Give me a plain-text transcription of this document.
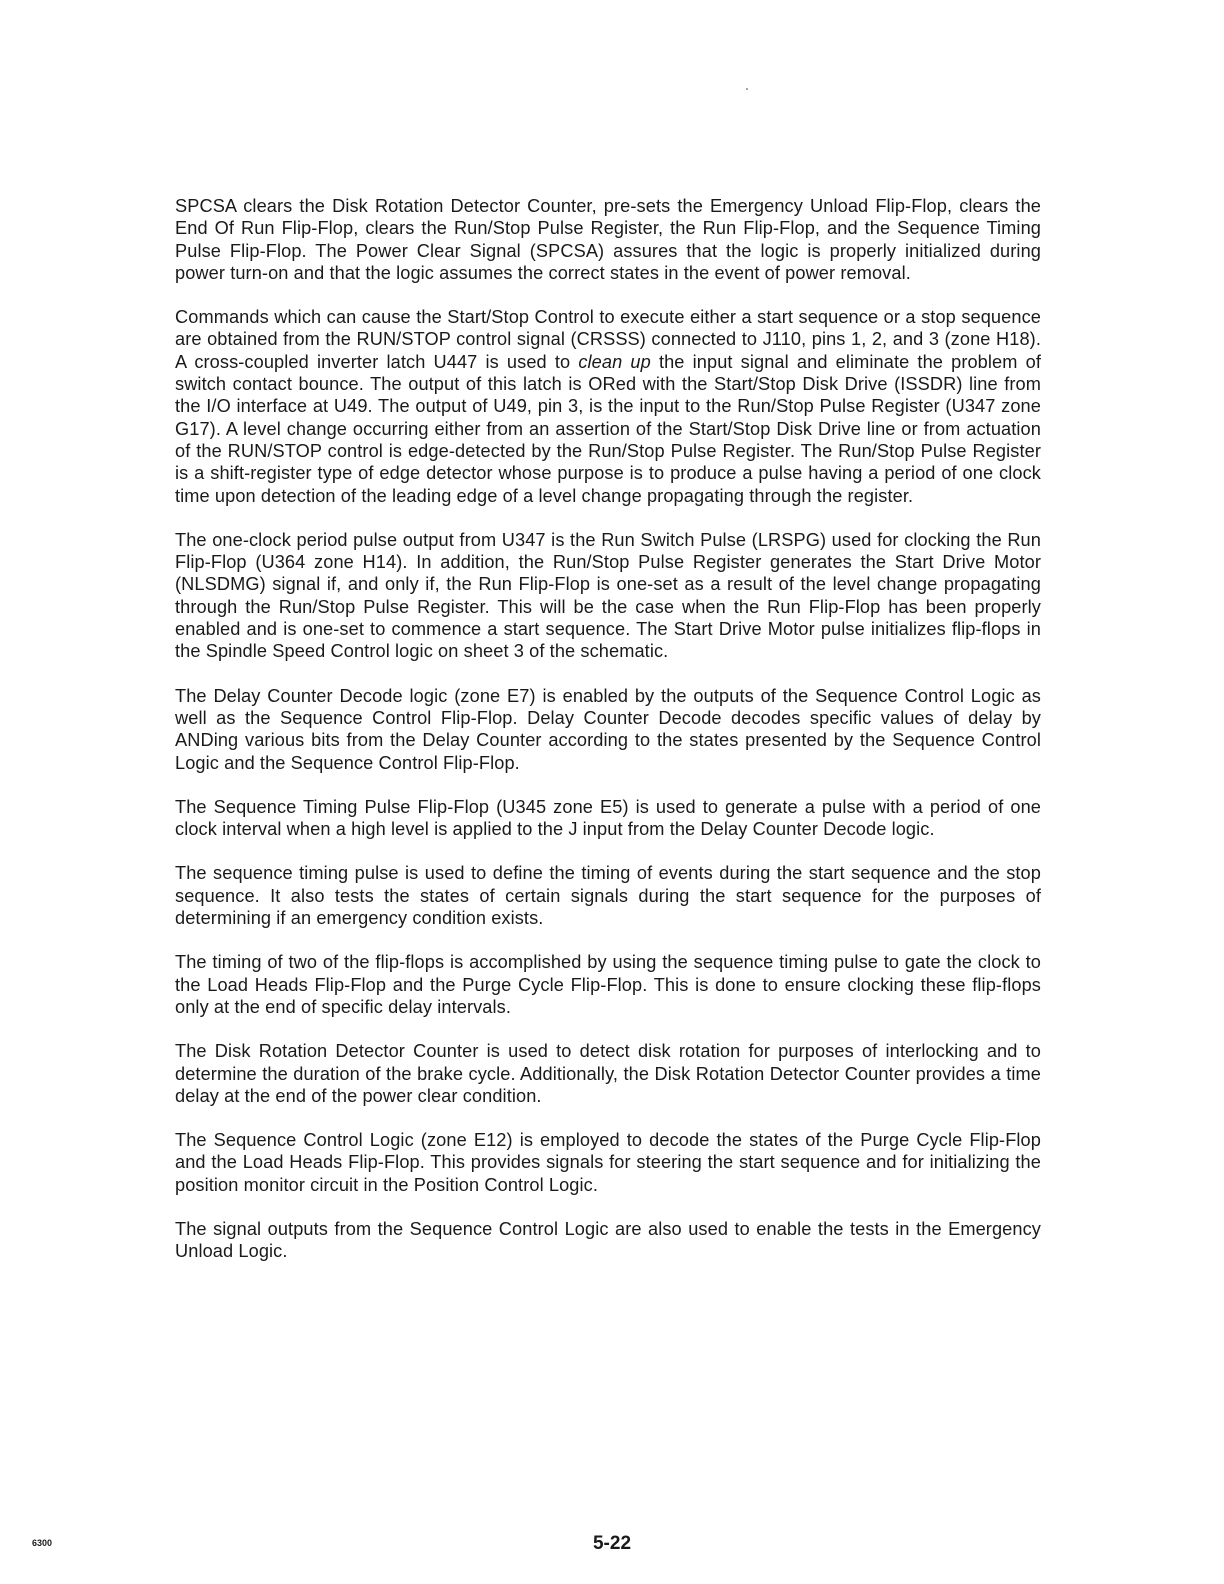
SPCSA clears the Disk Rotation Detector Counter, pre-sets the Emergency Unload Flip-Flop, clears the End Of Run Flip-Flop, clears the Run/Stop Pulse Register, the Run Flip-Flop, and the Sequence Timing Pulse Flip-Flop. The Power Clear Signal (SPCSA) assures that the logic is properly initialized during power turn-on and that the logic assumes the correct states in the event of power removal.

Commands which can cause the Start/Stop Control to execute either a start sequence or a stop sequence are obtained from the RUN/STOP control signal (CRSSS) connected to J110, pins 1, 2, and 3 (zone H18). A cross-coupled inverter latch U447 is used to clean up the input signal and eliminate the problem of switch contact bounce. The output of this latch is ORed with the Start/Stop Disk Drive (ISSDR) line from the I/O interface at U49. The output of U49, pin 3, is the input to the Run/Stop Pulse Register (U347 zone G17). A level change occurring either from an assertion of the Start/Stop Disk Drive line or from actuation of the RUN/STOP control is edge-detected by the Run/Stop Pulse Register. The Run/Stop Pulse Register is a shift-register type of edge detector whose purpose is to produce a pulse having a period of one clock time upon detection of the leading edge of a level change propagating through the register.

The one-clock period pulse output from U347 is the Run Switch Pulse (LRSPG) used for clocking the Run Flip-Flop (U364 zone H14). In addition, the Run/Stop Pulse Register generates the Start Drive Motor (NLSDMG) signal if, and only if, the Run Flip-Flop is one-set as a result of the level change propagating through the Run/Stop Pulse Register. This will be the case when the Run Flip-Flop has been properly enabled and is one-set to commence a start sequence. The Start Drive Motor pulse initializes flip-flops in the Spindle Speed Control logic on sheet 3 of the schematic.

The Delay Counter Decode logic (zone E7) is enabled by the outputs of the Sequence Control Logic as well as the Sequence Control Flip-Flop. Delay Counter Decode decodes specific values of delay by ANDing various bits from the Delay Counter according to the states presented by the Sequence Control Logic and the Sequence Control Flip-Flop.

The Sequence Timing Pulse Flip-Flop (U345 zone E5) is used to generate a pulse with a period of one clock interval when a high level is applied to the J input from the Delay Counter Decode logic.

The sequence timing pulse is used to define the timing of events during the start sequence and the stop sequence. It also tests the states of certain signals during the start sequence for the purposes of determining if an emergency condition exists.

The timing of two of the flip-flops is accomplished by using the sequence timing pulse to gate the clock to the Load Heads Flip-Flop and the Purge Cycle Flip-Flop. This is done to ensure clocking these flip-flops only at the end of specific delay intervals.

The Disk Rotation Detector Counter is used to detect disk rotation for purposes of interlocking and to determine the duration of the brake cycle. Additionally, the Disk Rotation Detector Counter provides a time delay at the end of the power clear condition.

The Sequence Control Logic (zone E12) is employed to decode the states of the Purge Cycle Flip-Flop and the Load Heads Flip-Flop. This provides signals for steering the start sequence and for initializing the position monitor circuit in the Position Control Logic.

The signal outputs from the Sequence Control Logic are also used to enable the tests in the Emergency Unload Logic.

6300	5-22
